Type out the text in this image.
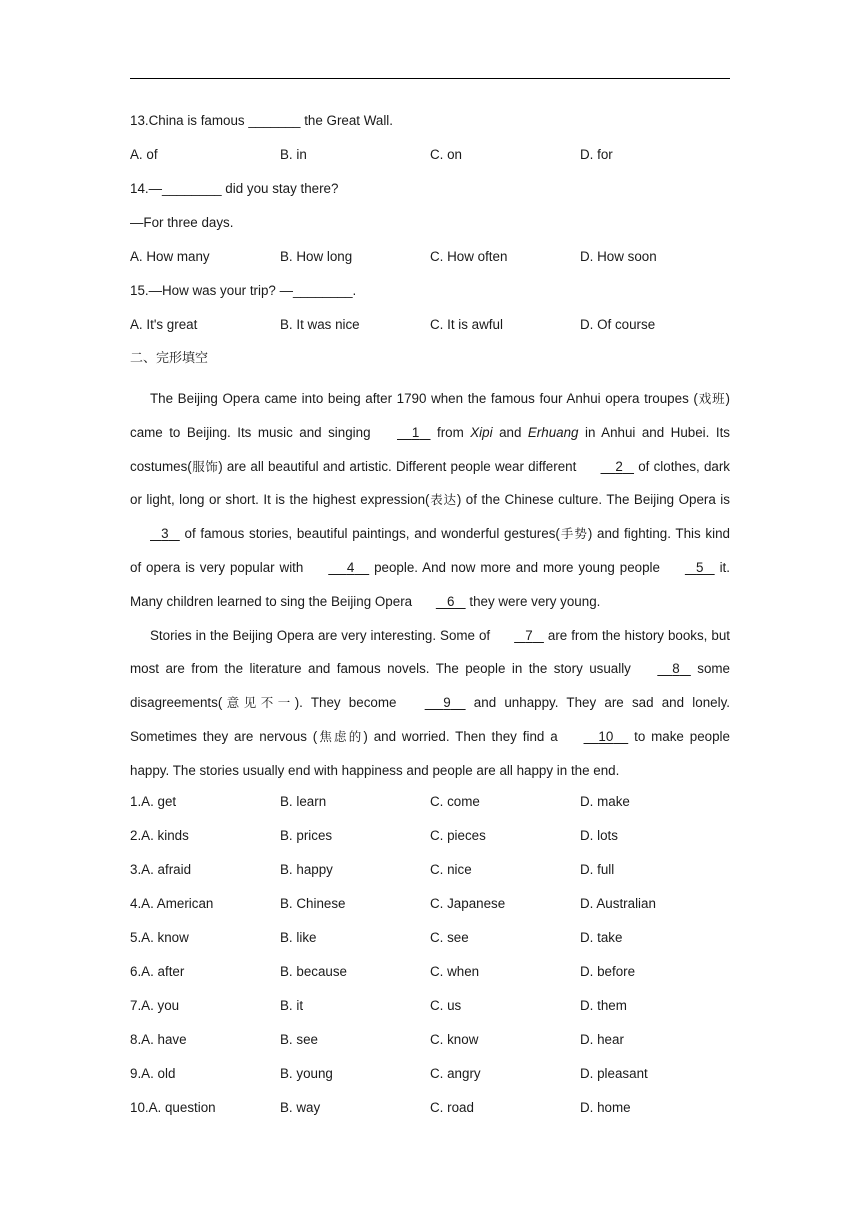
13.China is famous _______ the Great Wall.
A. of	B. in	C. on	D. for
14.—________ did you stay there?
—For three days.
A. How many	B. How long	C. How often	D. How soon
15.—How was your trip? —________.
A. It's great	B. It was nice	C. It is awful	D. Of course
二、完形填空

The Beijing Opera came into being after 1790 when the famous four Anhui opera troupes (戏班) came to Beijing. Its music and singing	1    from Xipi and Erhuang in Anhui and Hubei. Its costumes(服饰) are all beautiful and artistic. Different people wear different	2    of clothes, dark or light, long or short. It is the highest expression(表达) of the Chinese culture. The Beijing Opera is    3    of famous stories, beautiful paintings, and wonderful gestures(手势) and fighting. This kind of opera is very popular with	4     people. And now more and more young people    5    it. Many children learned to sing the Beijing Opera    6    they were very young.

Stories in the Beijing Opera are very interesting. Some of    7    are from the history books, but most are from the literature and famous novels. The people in the story usually	8    some disagreements(意见不一). They become	9     and unhappy. They are sad and lonely. Sometimes they are nervous (焦虑的) and worried. Then they find a	10     to make people happy. The stories usually end with happiness and people are all happy in the end.

1.A. get	B. learn	C. come	D. make
2.A. kinds	B. prices	C. pieces	D. lots
3.A. afraid	B. happy	C. nice	D. full
4.A. American	B. Chinese	C. Japanese	D. Australian
5.A. know	B. like	C. see	D. take
6.A. after	B. because	C. when	D. before
7.A. you	B. it	C. us	D. them
8.A. have	B. see	C. know	D. hear
9.A. old	B. young	C. angry	D. pleasant
10.A. question	B. way	C. road	D. home
